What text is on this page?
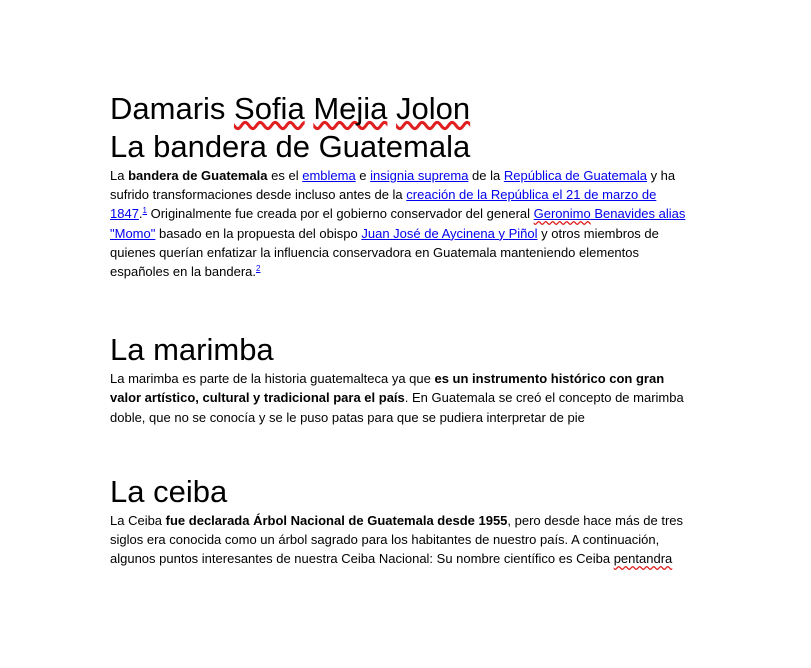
Damaris Sofia Mejia Jolon
La bandera de Guatemala

La bandera de Guatemala es el emblema e insignia suprema de la República de Guatemala y ha sufrido transformaciones desde incluso antes de la creación de la República el 21 de marzo de 1847.$^1$ Originalmente fue creada por el gobierno conservador del general Geronimo Benavides alias "Momo" basado en la propuesta del obispo Juan José de Aycinena y Piñol y otros miembros de quienes querían enfatizar la influencia conservadora en Guatemala manteniendo elementos españoles en la bandera.$^2$

La marimba

La marimba es parte de la historia guatemalteca ya que es un instrumento histórico con gran valor artístico, cultural y tradicional para el país. En Guatemala se creó el concepto de marimba doble, que no se conocía y se le puso patas para que se pudiera interpretar de pie

La ceiba

La Ceiba fue declarada Árbol Nacional de Guatemala desde 1955, pero desde hace más de tres siglos era conocida como un árbol sagrado para los habitantes de nuestro país. A continuación, algunos puntos interesantes de nuestra Ceiba Nacional: Su nombre científico es Ceiba pentandra
